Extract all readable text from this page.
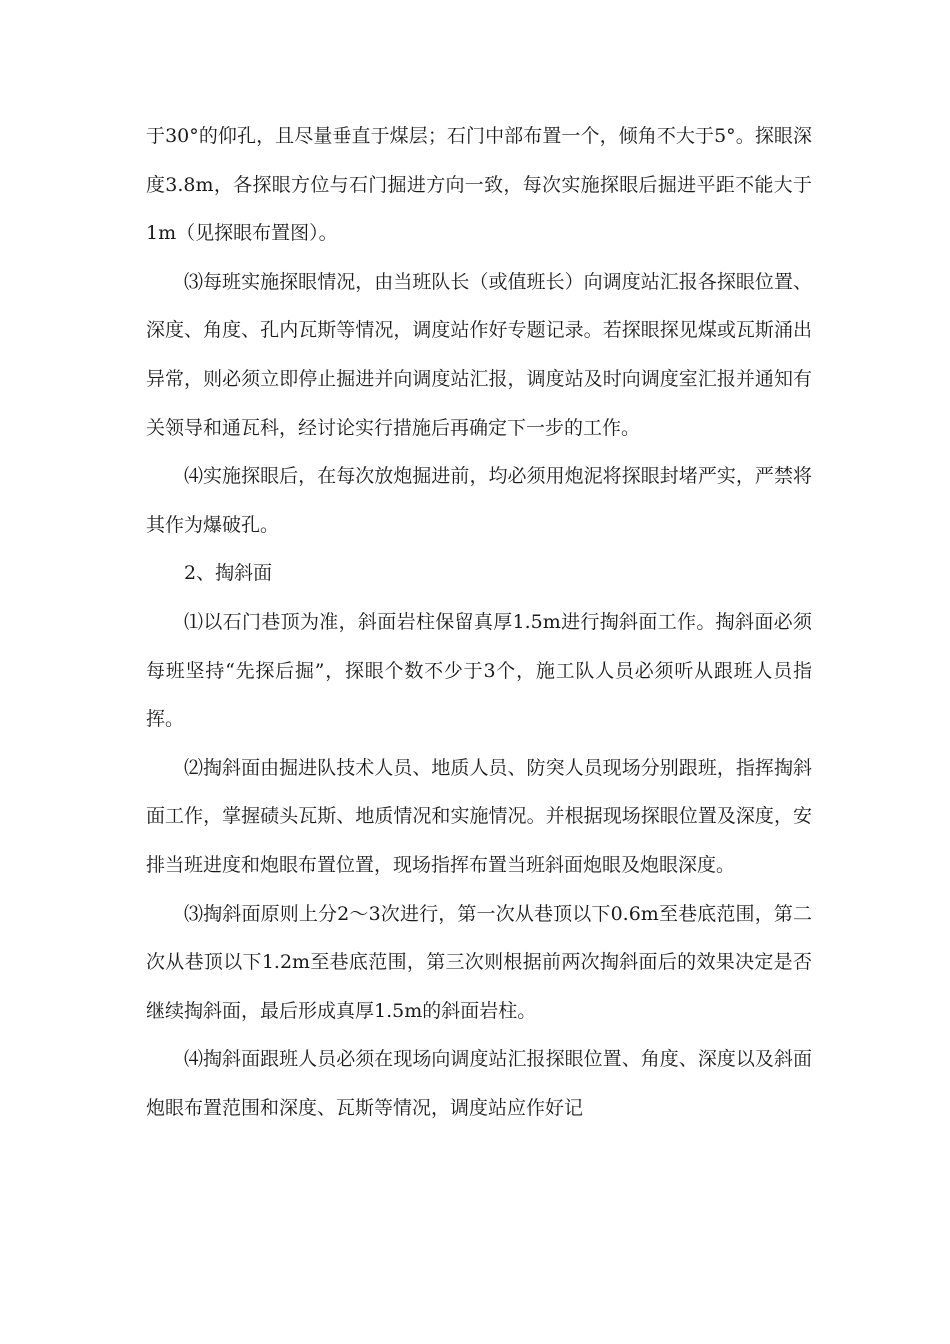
于30°的仰孔，且尽量垂直于煤层；石门中部布置一个，倾角不大于5°。探眼深度3.8m，各探眼方位与石门掘进方向一致，每次实施探眼后掘进平距不能大于1m（见探眼布置图）。

⑶每班实施探眼情况，由当班队长（或值班长）向调度站汇报各探眼位置、深度、角度、孔内瓦斯等情况，调度站作好专题记录。若探眼探见煤或瓦斯涌出异常，则必须立即停止掘进并向调度站汇报，调度站及时向调度室汇报并通知有关领导和通瓦科，经讨论实行措施后再确定下一步的工作。

⑷实施探眼后，在每次放炮掘进前，均必须用炮泥将探眼封堵严实，严禁将其作为爆破孔。

2、掏斜面

⑴以石门巷顶为准，斜面岩柱保留真厚1.5m进行掏斜面工作。掏斜面必须每班坚持“先探后掘”，探眼个数不少于3个，施工队人员必须听从跟班人员指挥。

⑵掏斜面由掘进队技术人员、地质人员、防突人员现场分别跟班，指挥掏斜面工作，掌握碛头瓦斯、地质情况和实施情况。并根据现场探眼位置及深度，安排当班进度和炮眼布置位置，现场指挥布置当班斜面炮眼及炮眼深度。

⑶掏斜面原则上分2～3次进行，第一次从巷顶以下0.6m至巷底范围，第二次从巷顶以下1.2m至巷底范围，第三次则根据前两次掏斜面后的效果决定是否继续掏斜面，最后形成真厚1.5m的斜面岩柱。

⑷掏斜面跟班人员必须在现场向调度站汇报探眼位置、角度、深度以及斜面炮眼布置范围和深度、瓦斯等情况，调度站应作好记
